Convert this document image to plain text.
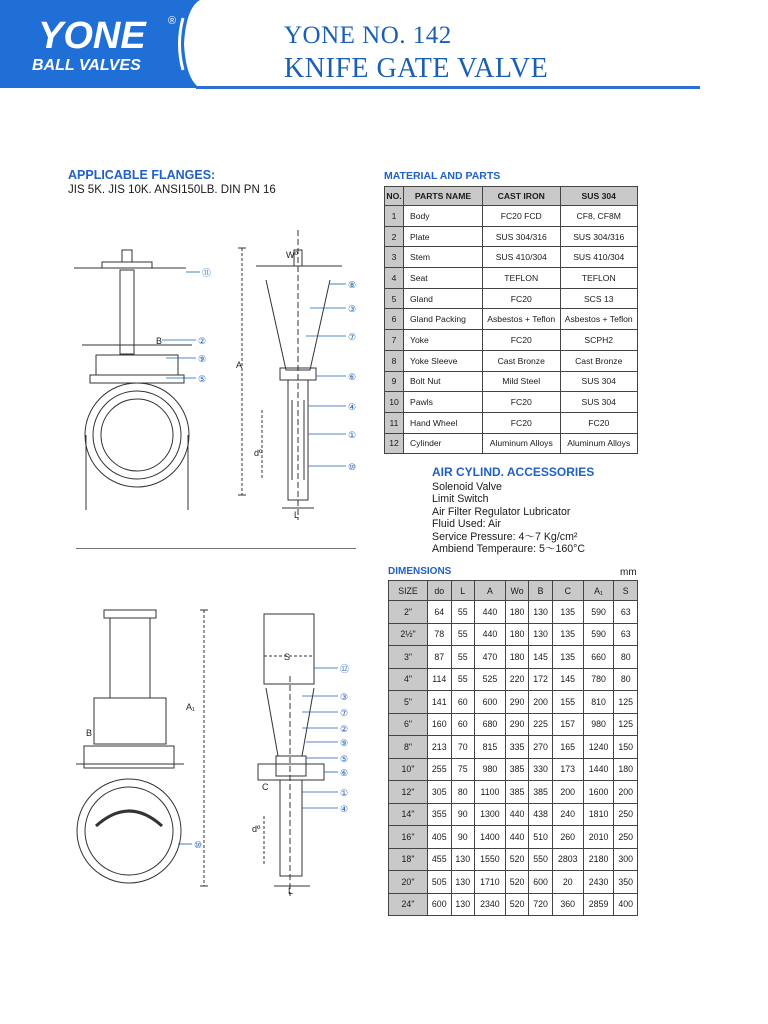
YONE ®
BALL VALVES
YONE NO. 142
KNIFE GATE VALVE
APPLICABLE FLANGES:
JIS 5K. JIS 10K. ANSI150LB. DIN PN 16
⑪
②
⑨
⑤
⑧
③
⑦
⑥
④
①
⑩
B
A
Wº
dº
L
⑫
③
⑦
②
⑨
⑤
⑥
①
④
⑩
A₁
B
C
S
dº
L
MATERIAL AND PARTS
NO.	PARTS NAME	CAST IRON	SUS 304
1	Body	FC20 FCD	CF8, CF8M
2	Plate	SUS 304/316	SUS 304/316
3	Stem	SUS 410/304	SUS 410/304
4	Seat	TEFLON	TEFLON
5	Gland	FC20	SCS 13
6	Gland Packing	Asbestos + Teflon	Asbestos + Teflon
7	Yoke	FC20	SCPH2
8	Yoke Sleeve	Cast Bronze	Cast Bronze
9	Bolt Nut	Mild Steel	SUS 304
10	Pawls	FC20	SUS 304
11	Hand Wheel	FC20	FC20
12	Cylinder	Aluminum Alloys	Aluminum Alloys
AIR CYLIND. ACCESSORIES
Solenoid Valve
Limit Switch
Air Filter Regulator Lubricator
Fluid Used: Air
Service Pressure: 4～7 Kg/cm²
Ambiend Temperaure: 5～160°C
DIMENSIONS	mm
SIZE	do	L	A	Wo	B	C	A₁	S
2"	64	55	440	180	130	135	590	63
2½"	78	55	440	180	130	135	590	63
3"	87	55	470	180	145	135	660	80
4"	114	55	525	220	172	145	780	80
5"	141	60	600	290	200	155	810	125
6"	160	60	680	290	225	157	980	125
8"	213	70	815	335	270	165	1240	150
10"	255	75	980	385	330	173	1440	180
12"	305	80	1100	385	385	200	1600	200
14"	355	90	1300	440	438	240	1810	250
16"	405	90	1400	440	510	260	2010	250
18"	455	130	1550	520	550	2803	2180	300
20"	505	130	1710	520	600	20	2430	350
24"	600	130	2340	520	720	360	2859	400
